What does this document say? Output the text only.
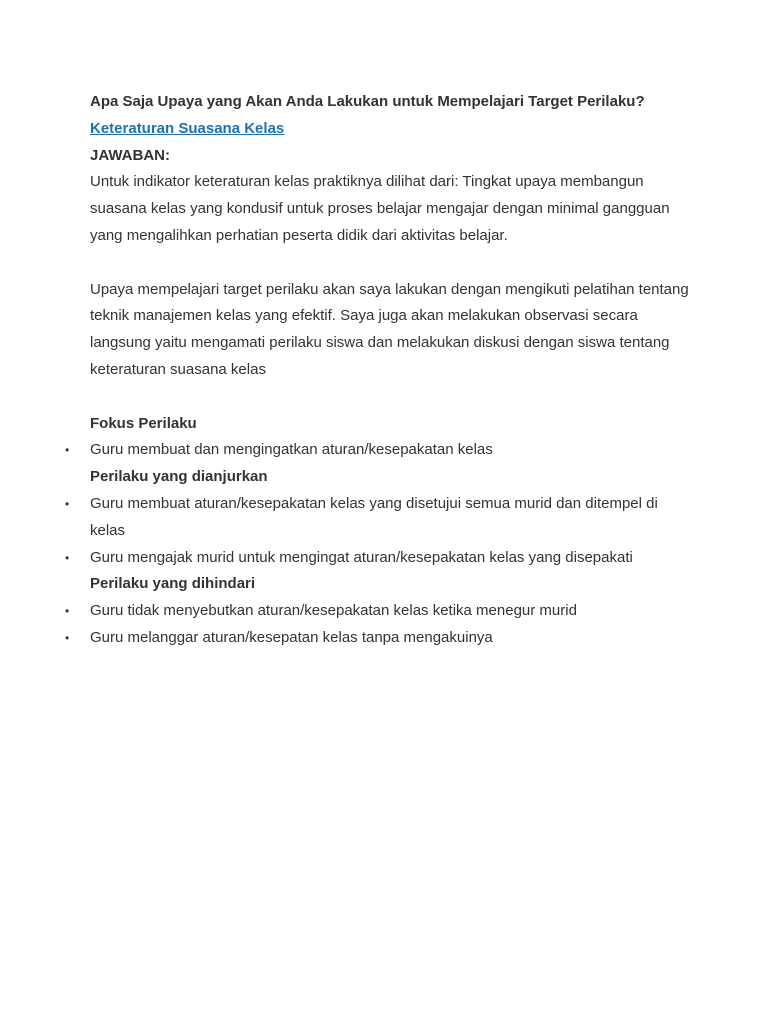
Apa Saja Upaya yang Akan Anda Lakukan untuk Mempelajari Target Perilaku? Keteraturan Suasana Kelas

JAWABAN:

Untuk indikator keteraturan kelas praktiknya dilihat dari: Tingkat upaya membangun suasana kelas yang kondusif untuk proses belajar mengajar dengan minimal gangguan yang mengalihkan perhatian peserta didik dari aktivitas belajar.

Upaya mempelajari target perilaku akan saya lakukan dengan mengikuti pelatihan tentang teknik manajemen kelas yang efektif. Saya juga akan melakukan observasi secara langsung yaitu mengamati perilaku siswa dan melakukan diskusi dengan siswa tentang keteraturan suasana kelas

Fokus Perilaku

• Guru membuat dan mengingatkan aturan/kesepakatan kelas

Perilaku yang dianjurkan

• Guru membuat aturan/kesepakatan kelas yang disetujui semua murid dan ditempel di kelas
• Guru mengajak murid untuk mengingat aturan/kesepakatan kelas yang disepakati

Perilaku yang dihindari

• Guru tidak menyebutkan aturan/kesepakatan kelas ketika menegur murid
• Guru melanggar aturan/kesepatan kelas tanpa mengakuinya
